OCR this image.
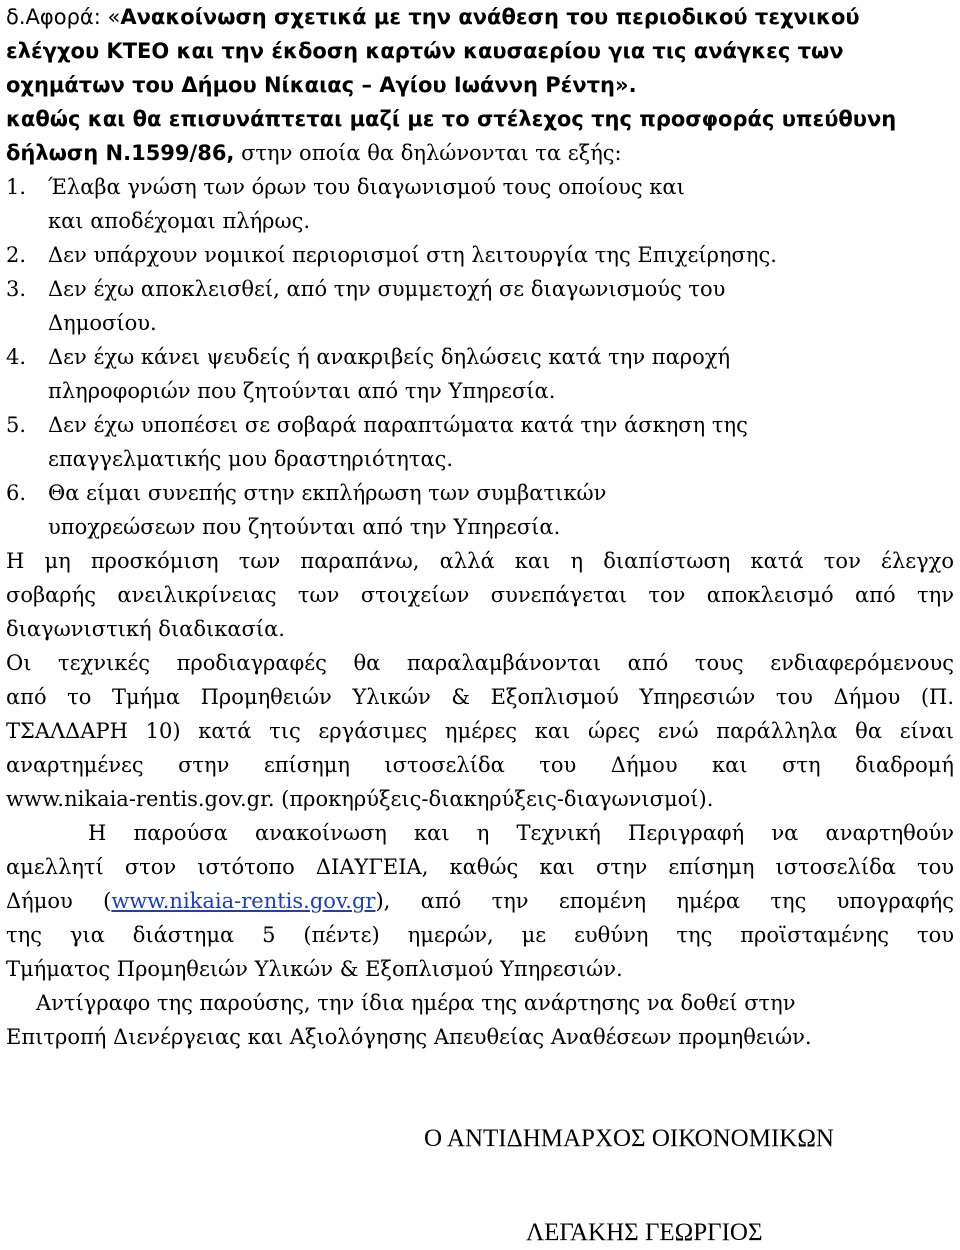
δ.Αφορά: «Ανακοίνωση σχετικά με την ανάθεση του περιοδικού τεχνικού
ελέγχου ΚΤΕΟ και την έκδοση καρτών καυσαερίου για τις ανάγκες των
οχημάτων του Δήμου Νίκαιας – Αγίου Ιωάννη Ρέντη».
καθώς και θα επισυνάπτεται μαζί με το στέλεχος της προσφοράς υπεύθυνη
δήλωση Ν.1599/86, στην οποία θα δηλώνονται τα εξής:
1. Έλαβα γνώση των όρων του διαγωνισμού τους οποίους και
και αποδέχομαι πλήρως.
2. Δεν υπάρχουν νομικοί περιορισμοί στη λειτουργία της Επιχείρησης.
3. Δεν έχω αποκλεισθεί, από την συμμετοχή σε διαγωνισμούς του
Δημοσίου.
4. Δεν έχω κάνει ψευδείς ή ανακριβείς δηλώσεις κατά την παροχή
πληροφοριών που ζητούνται από την Υπηρεσία.
5. Δεν έχω υποπέσει σε σοβαρά παραπτώματα κατά την άσκηση της
επαγγελματικής μου δραστηριότητας.
6. Θα είμαι συνεπής στην εκπλήρωση των συμβατικών
υποχρεώσεων που ζητούνται από την Υπηρεσία.
Η μη προσκόμιση των παραπάνω, αλλά και η διαπίστωση κατά τον έλεγχο
σοβαρής ανειλικρίνειας των στοιχείων συνεπάγεται τον αποκλεισμό από την
διαγωνιστική διαδικασία.
Οι τεχνικές προδιαγραφές θα παραλαμβάνονται από τους ενδιαφερόμενους
από το Τμήμα Προμηθειών Υλικών & Εξοπλισμού Υπηρεσιών του Δήμου (Π.
ΤΣΑΛΔΑΡΗ 10) κατά τις εργάσιμες ημέρες και ώρες ενώ παράλληλα θα είναι
αναρτημένες στην επίσημη ιστοσελίδα του Δήμου και στη διαδρομή
www.nikaia-rentis.gov.gr. (προκηρύξεις-διακηρύξεις-διαγωνισμοί).
Η παρούσα ανακοίνωση και η Τεχνική Περιγραφή να αναρτηθούν
αμελλητί στον ιστότοπο ΔΙΑΥΓΕΙΑ, καθώς και στην επίσημη ιστοσελίδα του
Δήμου (www.nikaia-rentis.gov.gr), από την επομένη ημέρα της υπογραφής
της για διάστημα 5 (πέντε) ημερών, με ευθύνη της προϊσταμένης του
Τμήματος Προμηθειών Υλικών & Εξοπλισμού Υπηρεσιών.
Αντίγραφο της παρούσης, την ίδια ημέρα της ανάρτησης να δοθεί στην
Επιτροπή Διενέργειας και Αξιολόγησης Απευθείας Αναθέσεων προμηθειών.
Ο ΑΝΤΙΔΗΜΑΡΧΟΣ ΟΙΚΟΝΟΜΙΚΩΝ
ΛΕΓΑΚΗΣ ΓΕΩΡΓΙΟΣ
